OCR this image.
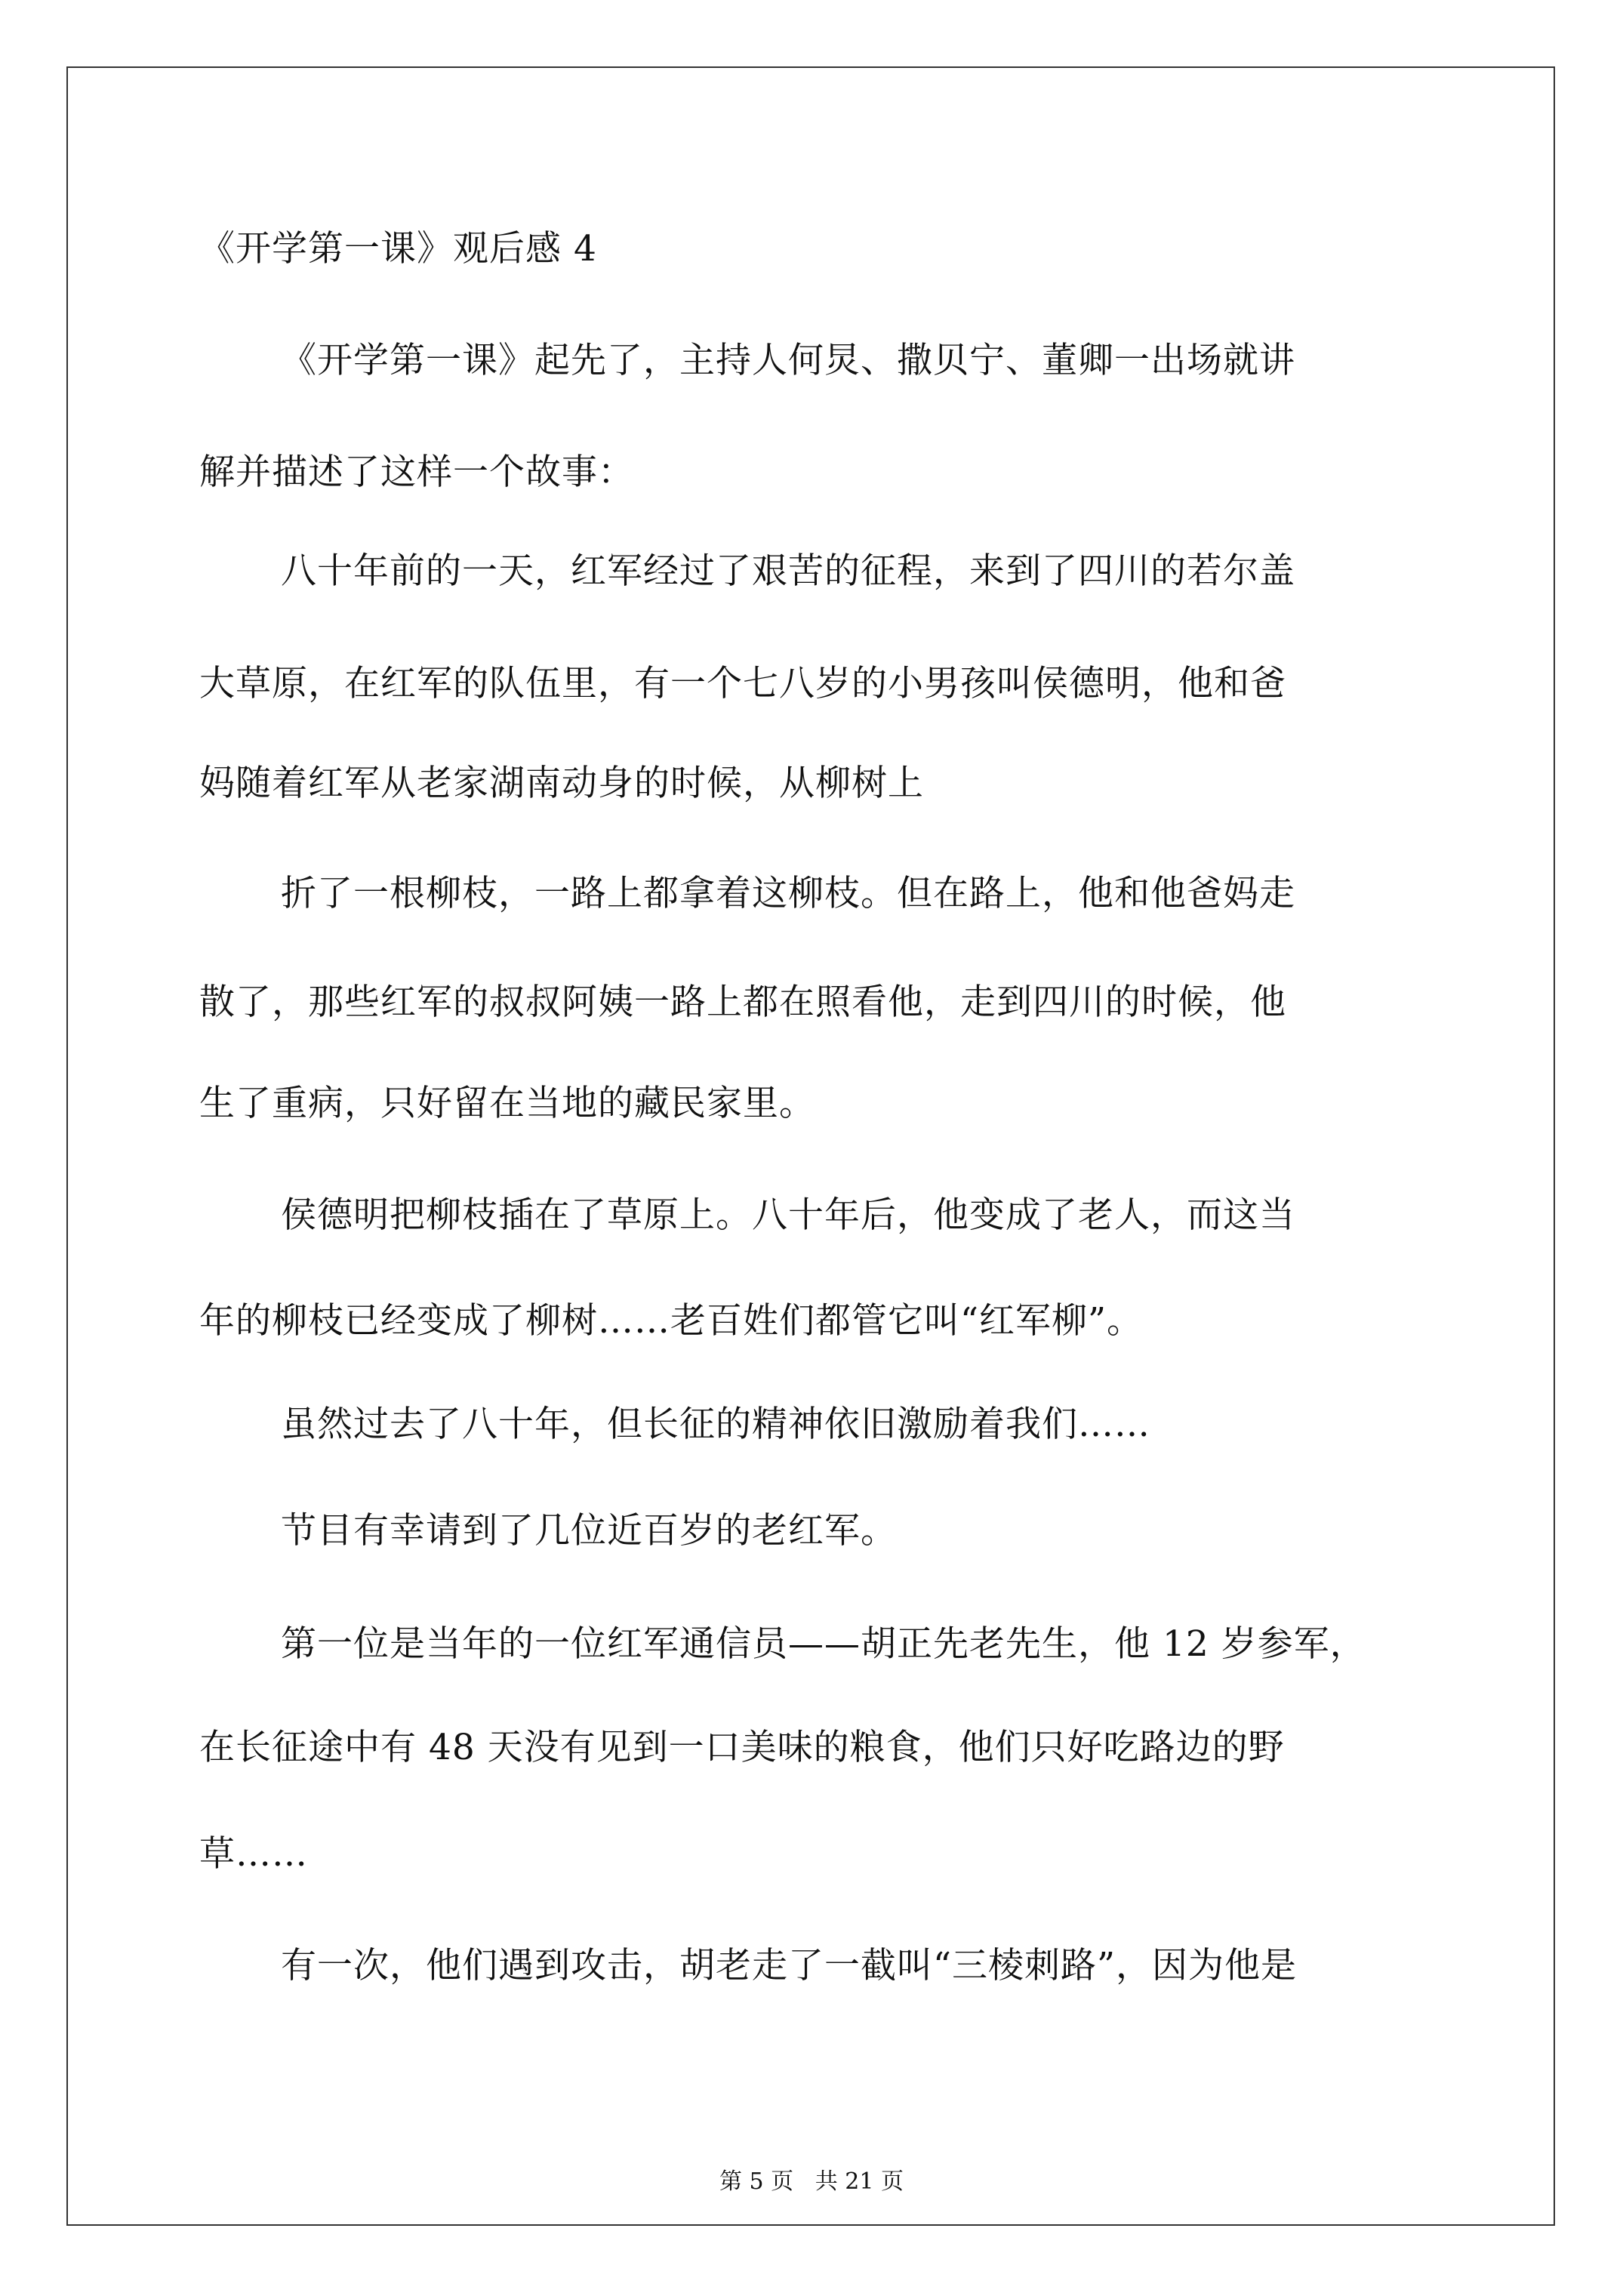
《开学第一课》观后感 4
《开学第一课》起先了，主持人何炅、撒贝宁、董卿一出场就讲
解并描述了这样一个故事：
八十年前的一天，红军经过了艰苦的征程，来到了四川的若尔盖
大草原，在红军的队伍里，有一个七八岁的小男孩叫侯德明，他和爸
妈随着红军从老家湖南动身的时候，从柳树上
折了一根柳枝，一路上都拿着这柳枝。但在路上，他和他爸妈走
散了，那些红军的叔叔阿姨一路上都在照看他，走到四川的时候，他
生了重病，只好留在当地的藏民家里。
侯德明把柳枝插在了草原上。八十年后，他变成了老人，而这当
年的柳枝已经变成了柳树……老百姓们都管它叫“红军柳”。
虽然过去了八十年，但长征的精神依旧激励着我们……
节目有幸请到了几位近百岁的老红军。
第一位是当年的一位红军通信员——胡正先老先生，他 12 岁参军，
在长征途中有 48 天没有见到一口美味的粮食，他们只好吃路边的野
草……
有一次，他们遇到攻击，胡老走了一截叫“三棱刺路”，因为他是
第 5 页   共 21 页
